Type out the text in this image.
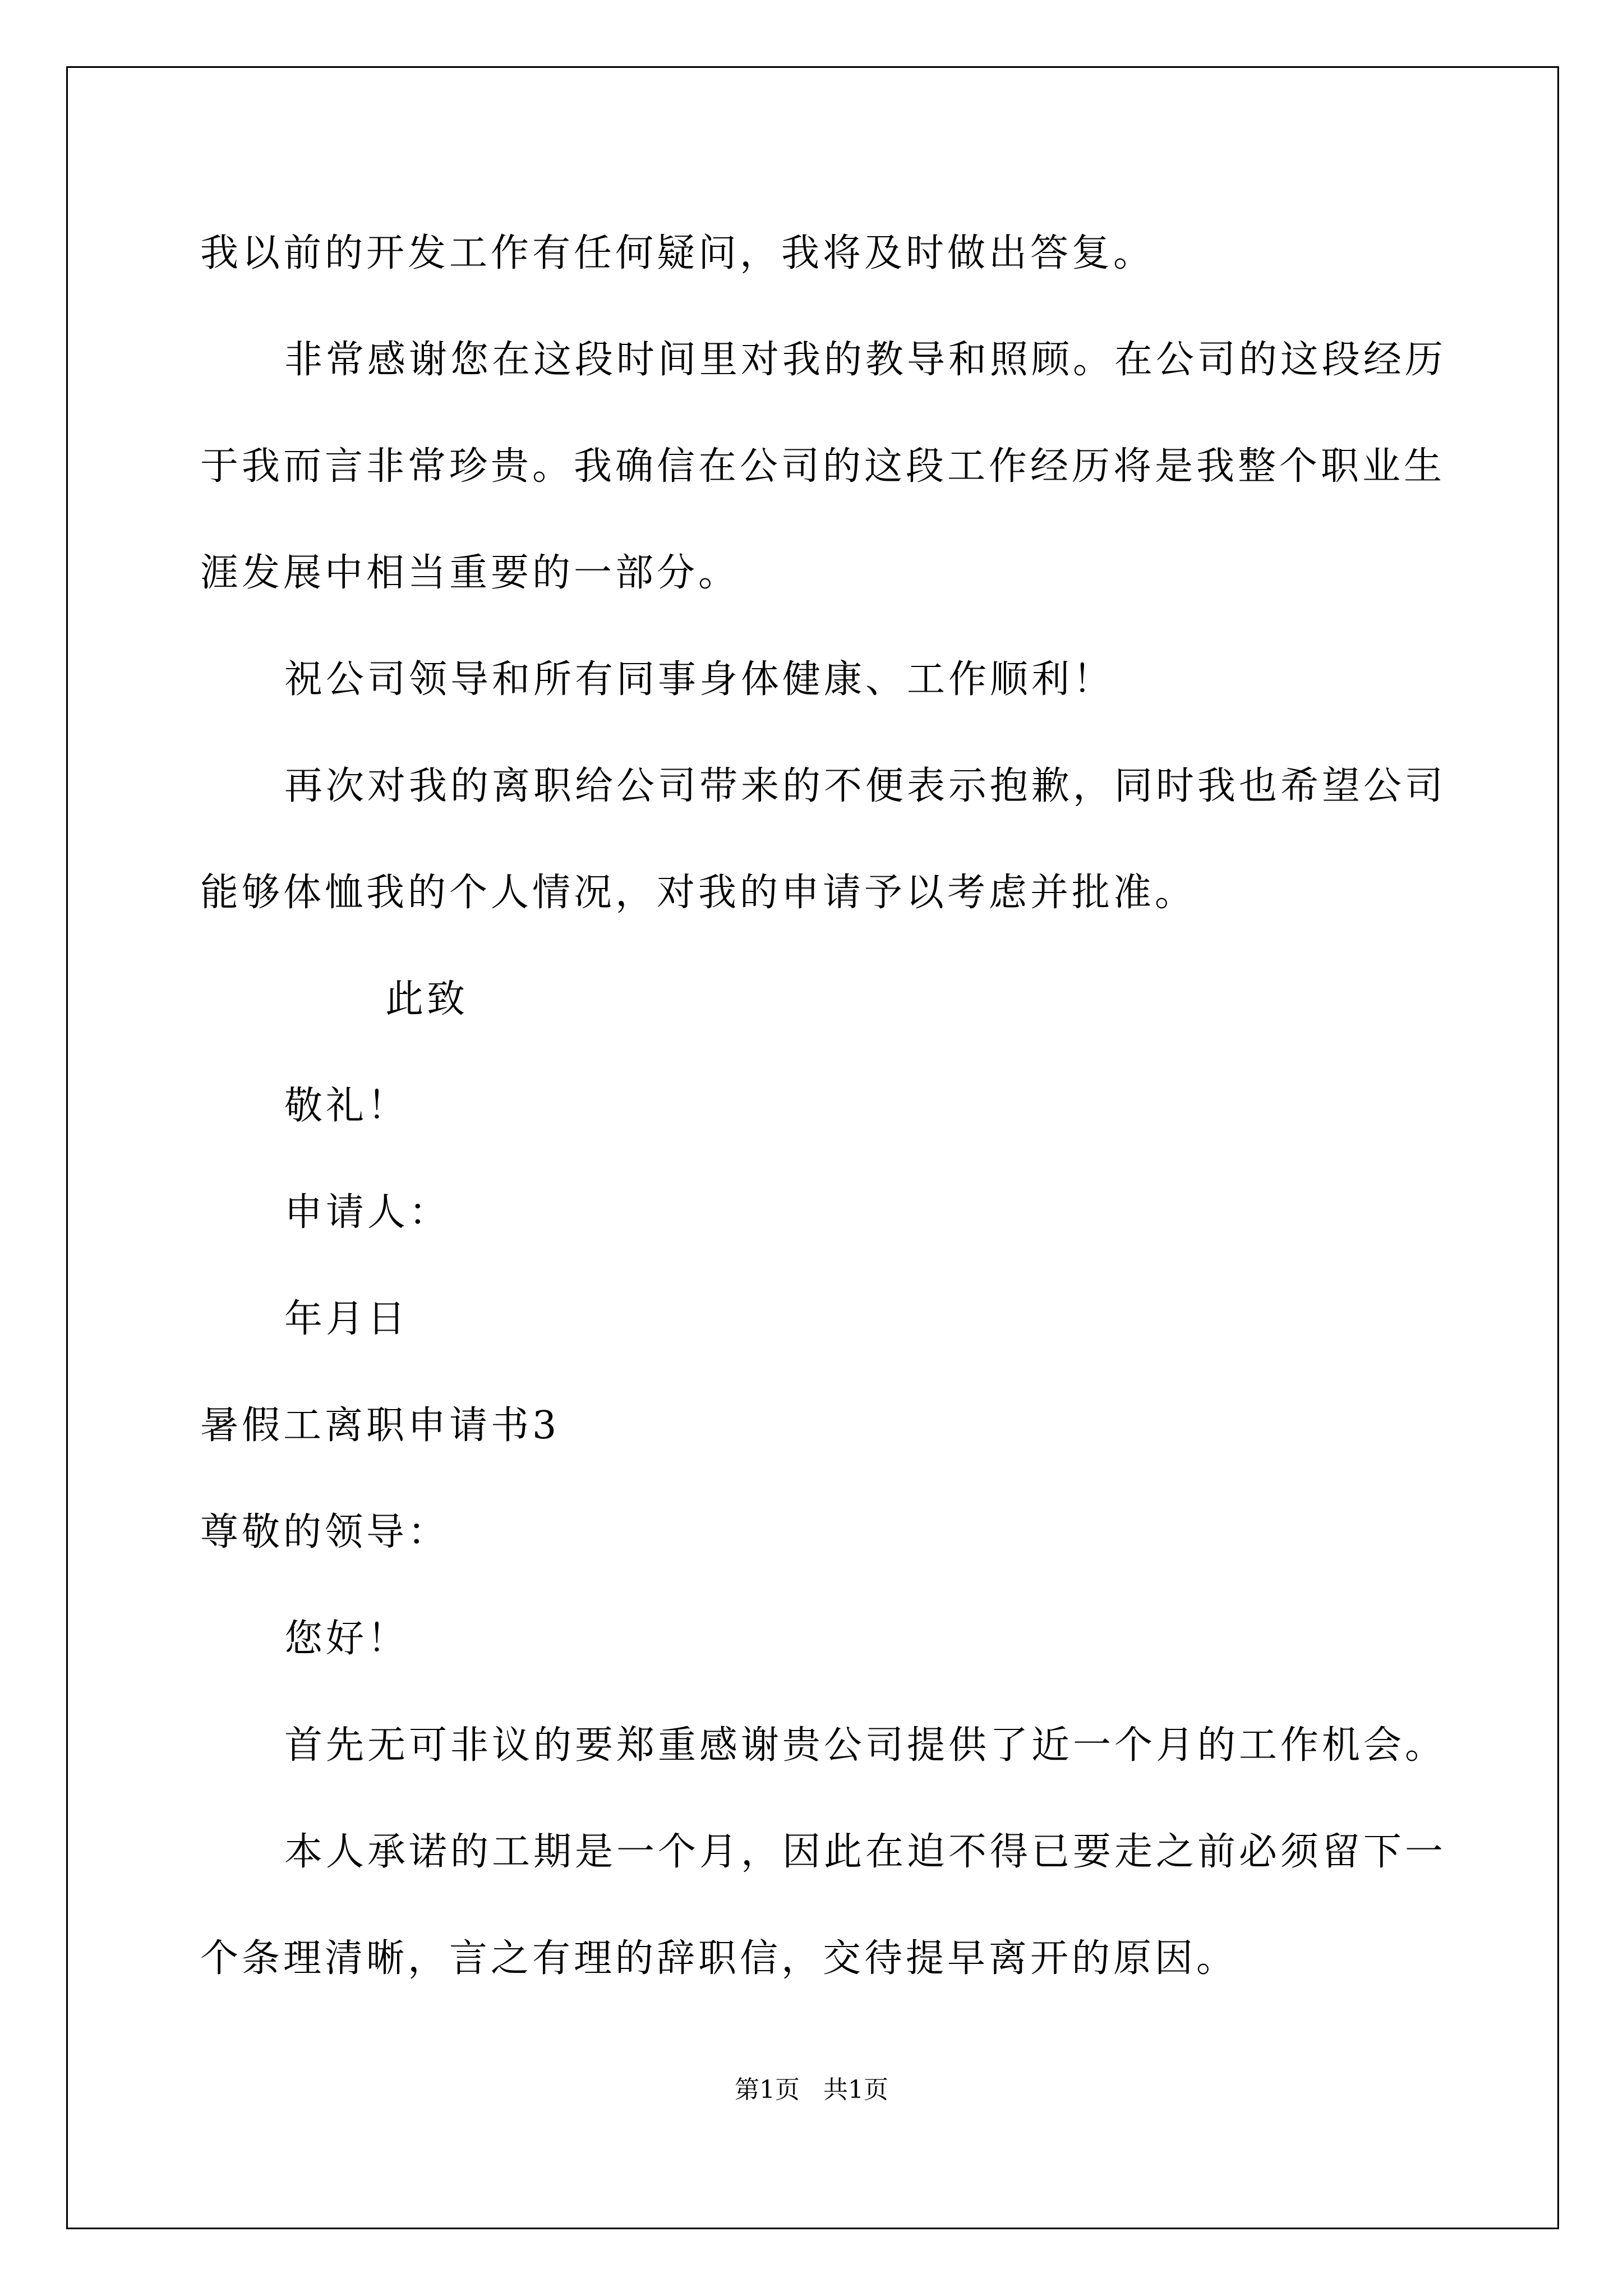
我以前的开发工作有任何疑问，我将及时做出答复。
非常感谢您在这段时间里对我的教导和照顾。在公司的这段经历
于我而言非常珍贵。我确信在公司的这段工作经历将是我整个职业生
涯发展中相当重要的一部分。
祝公司领导和所有同事身体健康、工作顺利！
再次对我的离职给公司带来的不便表示抱歉，同时我也希望公司
能够体恤我的个人情况，对我的申请予以考虑并批准。
此致
敬礼！
申请人：
年月日
暑假工离职申请书3
尊敬的领导：
您好！
首先无可非议的要郑重感谢贵公司提供了近一个月的工作机会。
本人承诺的工期是一个月，因此在迫不得已要走之前必须留下一
个条理清晰，言之有理的辞职信，交待提早离开的原因。
第1页   共1页
